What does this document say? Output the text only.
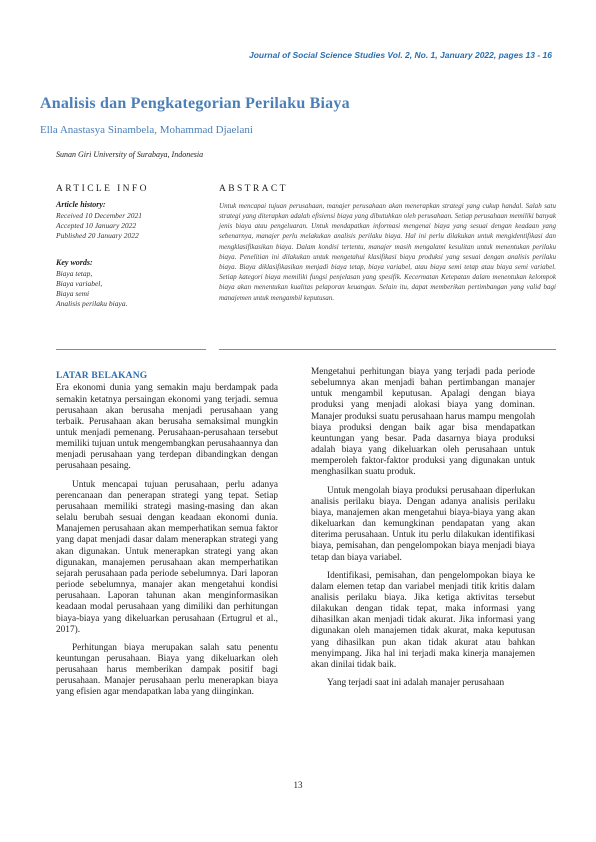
Journal of Social Science Studies Vol. 2, No. 1, January 2022, pages 13 - 16
Analisis dan Pengkategorian Perilaku Biaya
Ella Anastasya Sinambela, Mohammad Djaelani
Sunan Giri University of Surabaya, Indonesia
ARTICLE INFO
Article history:
Received 10 December 2021
Accepted 10 January 2022
Published 20 January 2022
Key words:
Biaya tetap,
Biaya variabel,
Biaya semi
Analisis perilaku biaya.
ABSTRACT
Untuk mencapai tujuan perusahaan, manajer perusahaan akan menerapkan strategi yang cukup handal. Salah satu strategi yang diterapkan adalah efisiensi biaya yang dibutuhkan oleh perusahaan. Setiap perusahaan memiliki banyak jenis biaya atau pengeluaran. Untuk mendapatkan informasi mengenai biaya yang sesuai dengan keadaan yang sebenarnya, manajer perlu melakukan analisis perilaku biaya. Hal ini perlu dilakukan untuk mengidentifikasi dan mengklasifikasikan biaya. Dalam kondisi tertentu, manajer masih mengalami kesulitan untuk menentukan perilaku biaya. Penelitian ini dilakukan untuk mengetahui klasifikasi biaya produksi yang sesuai dengan analisis perilaku biaya. Biaya diklasifikasikan menjadi biaya tetap, biaya variabel, atau biaya semi tetap atau biaya semi variabel. Setiap kategori biaya memiliki fungsi penjelasan yang spesifik. Kecermatan Ketepatan dalam menentukan kelompok biaya akan menentukan kualitas pelaporan keuangan. Selain itu, dapat memberikan pertimbangan yang valid bagi manajemen untuk mengambil keputusan.
LATAR BELAKANG

Era ekonomi dunia yang semakin maju berdampak pada semakin ketatnya persaingan ekonomi yang terjadi. semua perusahaan akan berusaha menjadi perusahaan yang terbaik. Perusahaan akan berusaha semaksimal mungkin untuk menjadi pemenang. Perusahaan-perusahaan tersebut memiliki tujuan untuk mengembangkan perusahaannya dan menjadi perusahaan yang terdepan dibandingkan dengan perusahaan pesaing.

Untuk mencapai tujuan perusahaan, perlu adanya perencanaan dan penerapan strategi yang tepat. Setiap perusahaan memiliki strategi masing-masing dan akan selalu berubah sesuai dengan keadaan ekonomi dunia. Manajemen perusahaan akan memperhatikan semua faktor yang dapat menjadi dasar dalam menerapkan strategi yang akan digunakan. Untuk menerapkan strategi yang akan digunakan, manajemen perusahaan akan memperhatikan sejarah perusahaan pada periode sebelumnya. Dari laporan periode sebelumnya, manajer akan mengetahui kondisi perusahaan. Laporan tahunan akan menginformasikan keadaan modal perusahaan yang dimiliki dan perhitungan biaya-biaya yang dikeluarkan perusahaan (Ertugrul et al., 2017).

Perhitungan biaya merupakan salah satu penentu keuntungan perusahaan. Biaya yang dikeluarkan oleh perusahaan harus memberikan dampak positif bagi perusahaan. Manajer perusahaan perlu menerapkan biaya yang efisien agar mendapatkan laba yang diinginkan.

Mengetahui perhitungan biaya yang terjadi pada periode sebelumnya akan menjadi bahan pertimbangan manajer untuk mengambil keputusan. Apalagi dengan biaya produksi yang menjadi alokasi biaya yang dominan. Manajer produksi suatu perusahaan harus mampu mengolah biaya produksi dengan baik agar bisa mendapatkan keuntungan yang besar. Pada dasarnya biaya produksi adalah biaya yang dikeluarkan oleh perusahaan untuk memperoleh faktor-faktor produksi yang digunakan untuk menghasilkan suatu produk.

Untuk mengolah biaya produksi perusahaan diperlukan analisis perilaku biaya. Dengan adanya analisis perilaku biaya, manajemen akan mengetahui biaya-biaya yang akan dikeluarkan dan kemungkinan pendapatan yang akan diterima perusahaan. Untuk itu perlu dilakukan identifikasi biaya, pemisahan, dan pengelompokan biaya menjadi biaya tetap dan biaya variabel.

Identifikasi, pemisahan, dan pengelompokan biaya ke dalam elemen tetap dan variabel menjadi titik kritis dalam analisis perilaku biaya. Jika ketiga aktivitas tersebut dilakukan dengan tidak tepat, maka informasi yang dihasilkan akan menjadi tidak akurat. Jika informasi yang digunakan oleh manajemen tidak akurat, maka keputusan yang dihasilkan pun akan tidak akurat atau bahkan menyimpang. Jika hal ini terjadi maka kinerja manajemen akan dinilai tidak baik.

Yang terjadi saat ini adalah manajer perusahaan

13
